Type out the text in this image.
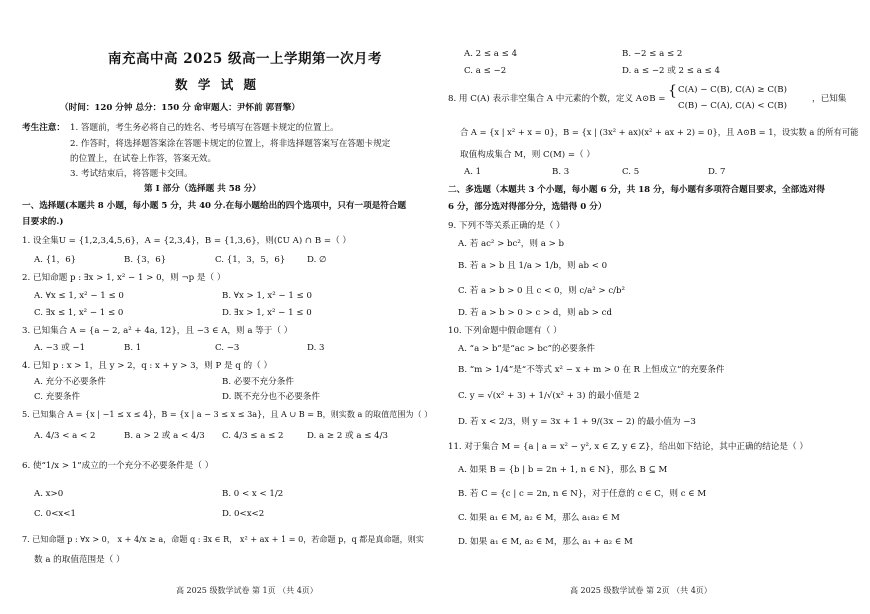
南充高中高 2025 级高一上学期第一次月考
数 学 试 题
（时间：120 分钟 总分：150 分 命审题人：尹怀前 郭晋擎）
考生注意： 1. 答题前，考生务必将自己的姓名、考号填写在答题卡规定的位置上。
2. 作答时，将选择题答案涂在答题卡规定的位置上，将非选择题答案写在答题卡规定
的位置上，在试卷上作答，答案无效。
3. 考试结束后，将答题卡交回。
第 I 部分（选择题 共 58 分）
一、选择题(本题共 8 小题，每小题 5 分，共 40 分.在每小题给出的四个选项中，只有一项是符合题
目要求的.)
1. 设全集U = {1,2,3,4,5,6}，A = {2,3,4}，B = {1,3,6}，则(∁U A) ∩ B =（ ）
A. {1，6}	B. {3，6}	C. {1，3，5，6}	D. ∅
2. 已知命题 p : ∃x > 1, x² − 1 > 0，则 ¬p 是（ ）
A. ∀x ≤ 1, x² − 1 ≤ 0	B. ∀x > 1, x² − 1 ≤ 0
C. ∃x ≤ 1, x² − 1 ≤ 0	D. ∃x > 1, x² − 1 ≤ 0
3. 已知集合 A = {a − 2, a² + 4a, 12}，且 −3 ∈ A，则 a 等于（ ）
A. −3 或 −1	B. 1	C. −3	D. 3
4. 已知 p : x > 1，且 y > 2，q : x + y > 3，则 P 是 q 的（ ）
A. 充分不必要条件	B. 必要不充分条件
C. 充要条件	D. 既不充分也不必要条件
5. 已知集合 A = {x | −1 ≤ x ≤ 4}，B = {x | a − 3 ≤ x ≤ 3a}，且 A ∪ B = B，则实数 a 的取值范围为（ ）
A. 4/3 < a < 2	B. a > 2 或 a < 4/3 C. 4/3 ≤ a ≤ 2	D. a ≥ 2 或 a ≤ 4/3
6. 使“1/x > 1”成立的一个充分不必要条件是（ ）
A. x>0	B. 0 < x < 1/2
C. 0<x<1	D. 0<x<2
7. 已知命题 p : ∀x > 0， x + 4/x ≥ a，命题 q : ∃x ∈ R， x² + ax + 1 = 0，若命题 p，q 都是真命题，则实
数 a 的取值范围是（ ）
高 2025 级数学试卷 第 1页 （共 4页）
A. 2 ≤ a ≤ 4	B. −2 ≤ a ≤ 2
C. a ≤ −2	D. a ≤ −2 或 2 ≤ a ≤ 4
8. 用 C(A) 表示非空集合 A 中元素的个数，定义 A⊙B = { C(A) − C(B), C(A) ≥ C(B)
C(B) − C(A), C(A) < C(B)
，已知集
合 A = {x | x² + x = 0}，B = {x | (3x² + ax)(x² + ax + 2) = 0}，且 A⊙B = 1，设实数 a 的所有可能
取值构成集合 M，则 C(M) =（ ）
A. 1	B. 3	C. 5	D. 7
二、多选题（本题共 3 个小题，每小题 6 分，共 18 分，每小题有多项符合题目要求，全部选对得
6 分，部分选对得部分分，选错得 0 分）
9. 下列不等关系正确的是（ ）
A. 若 ac² > bc²，则 a > b
B. 若 a > b 且 1/a > 1/b，则 ab < 0
C. 若 a > b > 0 且 c < 0，则 c/a² > c/b²
D. 若 a > b > 0 > c > d，则 ab > cd
10. 下列命题中假命题有（ ）
A. “a > b”是“ac > bc”的必要条件
B. “m > 1/4”是“不等式 x² − x + m > 0 在 R 上恒成立”的充要条件
C. y = √(x² + 3) + 1/√(x² + 3) 的最小值是 2
D. 若 x < 2/3，则 y = 3x + 1 + 9/(3x − 2) 的最小值为 −3
11. 对于集合 M = {a | a = x² − y², x ∈ Z, y ∈ Z}，给出如下结论，其中正确的结论是（ ）
A. 如果 B = {b | b = 2n + 1, n ∈ N}，那么 B ⊆ M
B. 若 C = {c | c = 2n, n ∈ N}，对于任意的 c ∈ C，则 c ∈ M
C. 如果 a₁ ∈ M, a₂ ∈ M，那么 a₁a₂ ∈ M
D. 如果 a₁ ∈ M, a₂ ∈ M，那么 a₁ + a₂ ∈ M
高 2025 级数学试卷 第 2页 （共 4页）
